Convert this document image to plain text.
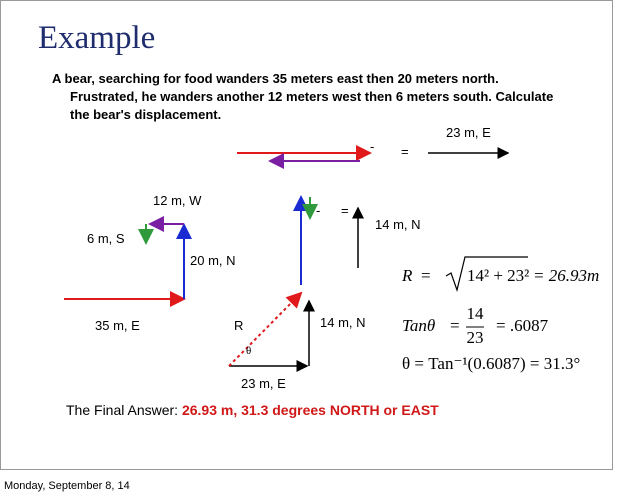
Example
A bear, searching for food wanders 35 meters east then 20 meters north.
Frustrated, he wanders another 12 meters west then 6 meters south. Calculate
the bear's displacement.
- =
23 m, E
- =
14 m, N
12 m, W
6 m, S
20 m, N
35 m, E	R
θ
14 m, N
23 m, E
R = 14² + 23² = 26.93m
Tanθ =
14
23
= .6087
θ = Tan⁻¹(0.6087) = 31.3°
The Final Answer: 26.93 m, 31.3 degrees NORTH or EAST
Monday, September 8, 14
